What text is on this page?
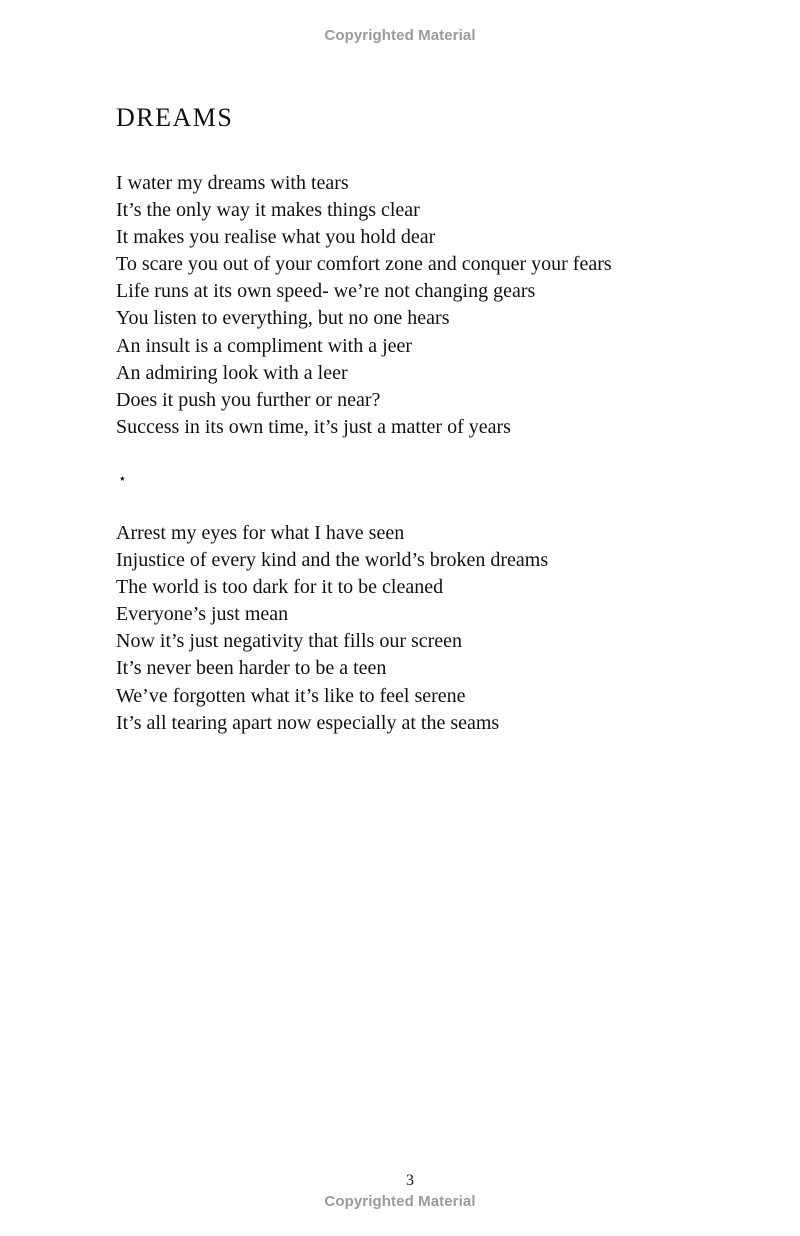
Copyrighted Material
DREAMS
I water my dreams with tears
It’s the only way it makes things clear
It makes you realise what you hold dear
To scare you out of your comfort zone and conquer your fears
Life runs at its own speed- we’re not changing gears
You listen to everything, but no one hears
An insult is a compliment with a jeer
An admiring look with a leer
Does it push you further or near?
Success in its own time, it’s just a matter of years
⋆
Arrest my eyes for what I have seen
Injustice of every kind and the world’s broken dreams
The world is too dark for it to be cleaned
Everyone’s just mean
Now it’s just negativity that fills our screen
It’s never been harder to be a teen
We’ve forgotten what it’s like to feel serene
It’s all tearing apart now especially at the seams
3
Copyrighted Material
